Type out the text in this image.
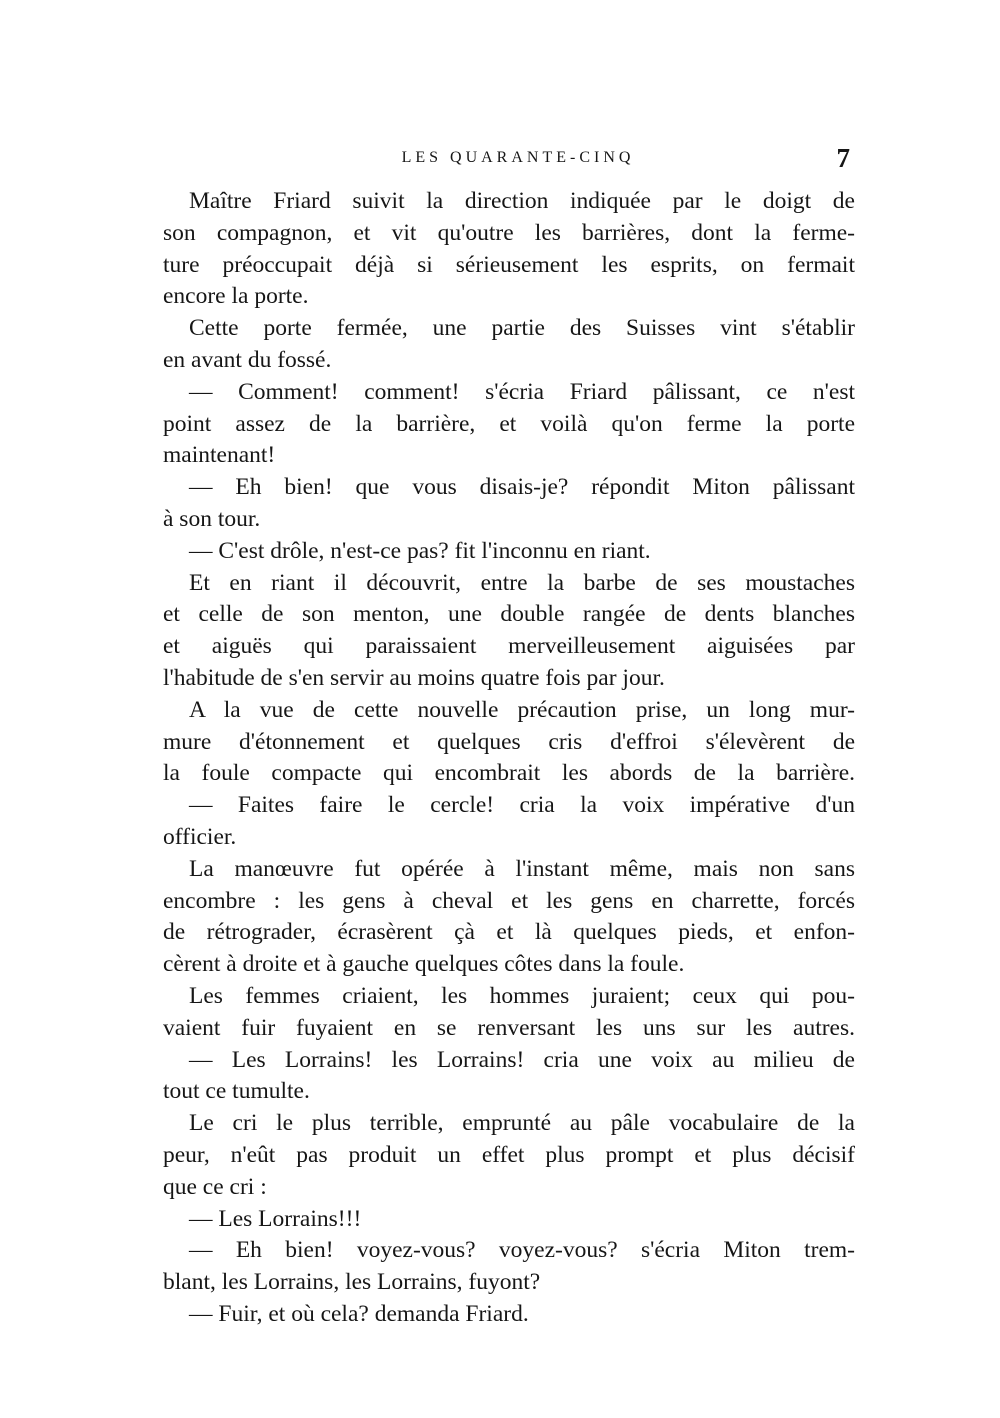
LES QUARANTE-CINQ	7
Maître Friard suivit la direction indiquée par le doigt de
son compagnon, et vit qu'outre les barrières, dont la ferme-
ture préoccupait déjà si sérieusement les esprits, on fermait
encore la porte.
Cette porte fermée, une partie des Suisses vint s'établir
en avant du fossé.
— Comment! comment! s'écria Friard pâlissant, ce n'est
point assez de la barrière, et voilà qu'on ferme la porte
maintenant!
— Eh bien! que vous disais-je? répondit Miton pâlissant
à son tour.
— C'est drôle, n'est-ce pas? fit l'inconnu en riant.
Et en riant il découvrit, entre la barbe de ses moustaches
et celle de son menton, une double rangée de dents blanches
et aiguës qui paraissaient merveilleusement aiguisées par
l'habitude de s'en servir au moins quatre fois par jour.
A la vue de cette nouvelle précaution prise, un long mur-
mure d'étonnement et quelques cris d'effroi s'élevèrent de
la foule compacte qui encombrait les abords de la barrière.
— Faites faire le cercle! cria la voix impérative d'un
officier.
La manœuvre fut opérée à l'instant même, mais non sans
encombre : les gens à cheval et les gens en charrette, forcés
de rétrograder, écrasèrent çà et là quelques pieds, et enfon-
cèrent à droite et à gauche quelques côtes dans la foule.
Les femmes criaient, les hommes juraient; ceux qui pou-
vaient fuir fuyaient en se renversant les uns sur les autres.
— Les Lorrains! les Lorrains! cria une voix au milieu de
tout ce tumulte.
Le cri le plus terrible, emprunté au pâle vocabulaire de la
peur, n'eût pas produit un effet plus prompt et plus décisif
que ce cri :
— Les Lorrains!!!
— Eh bien! voyez-vous? voyez-vous? s'écria Miton trem-
blant, les Lorrains, les Lorrains, fuyont?
— Fuir, et où cela? demanda Friard.
